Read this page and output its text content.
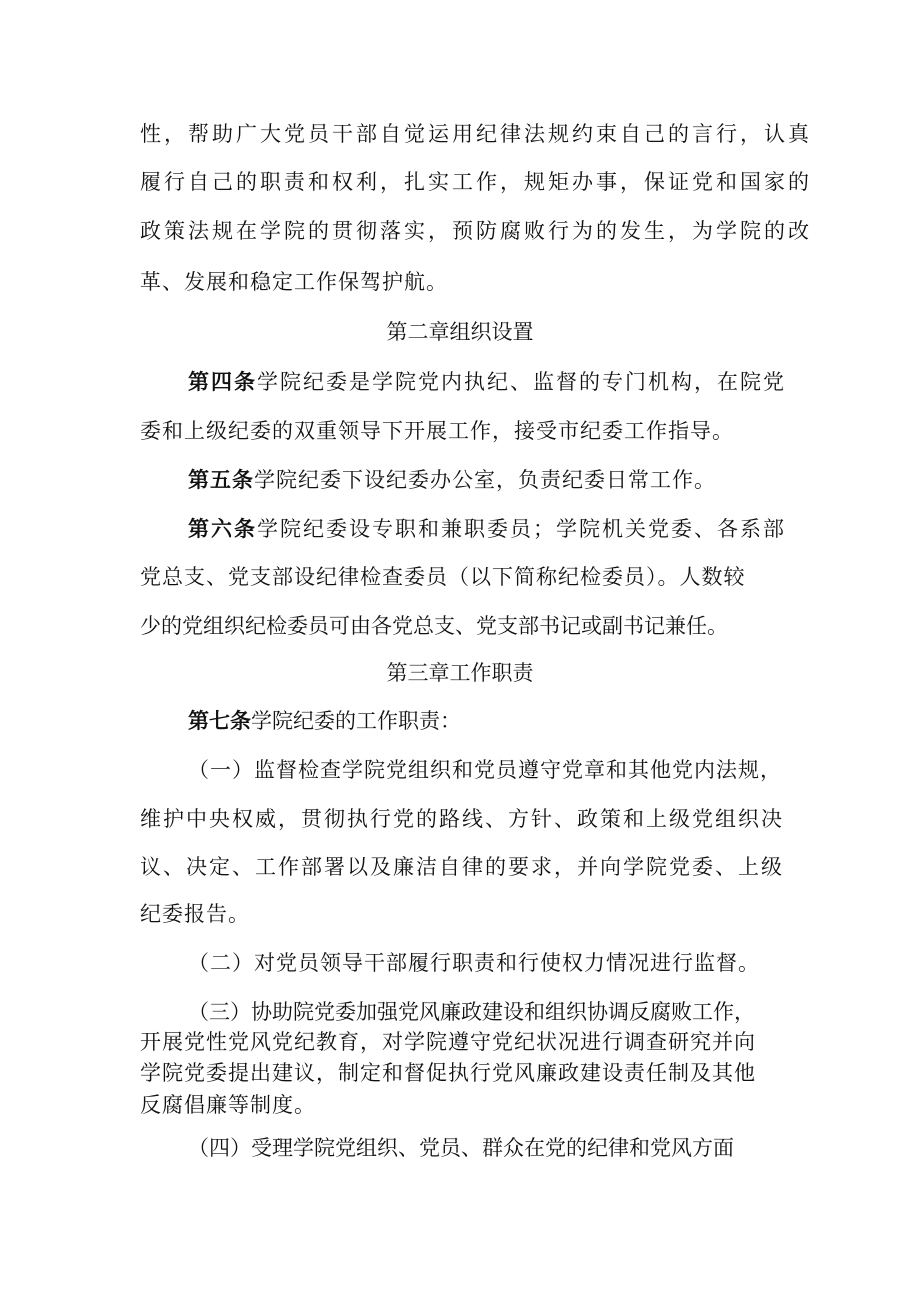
性，帮助广大党员干部自觉运用纪律法规约束自己的言行，认真
履行自己的职责和权利，扎实工作，规矩办事，保证党和国家的
政策法规在学院的贯彻落实，预防腐败行为的发生，为学院的改
革、发展和稳定工作保驾护航。
第二章组织设置
第四条学院纪委是学院党内执纪、监督的专门机构，在院党
委和上级纪委的双重领导下开展工作，接受市纪委工作指导。
第五条学院纪委下设纪委办公室，负责纪委日常工作。
第六条学院纪委设专职和兼职委员；学院机关党委、各系部
党总支、党支部设纪律检查委员（以下简称纪检委员）。人数较
少的党组织纪检委员可由各党总支、党支部书记或副书记兼任。
第三章工作职责
第七条学院纪委的工作职责：
（一）监督检查学院党组织和党员遵守党章和其他党内法规，
维护中央权威，贯彻执行党的路线、方针、政策和上级党组织决
议、决定、工作部署以及廉洁自律的要求，并向学院党委、上级
纪委报告。
（二）对党员领导干部履行职责和行使权力情况进行监督。
（三）协助院党委加强党风廉政建设和组织协调反腐败工作，
开展党性党风党纪教育，对学院遵守党纪状况进行调查研究并向
学院党委提出建议，制定和督促执行党风廉政建设责任制及其他
反腐倡廉等制度。
（四）受理学院党组织、党员、群众在党的纪律和党风方面
